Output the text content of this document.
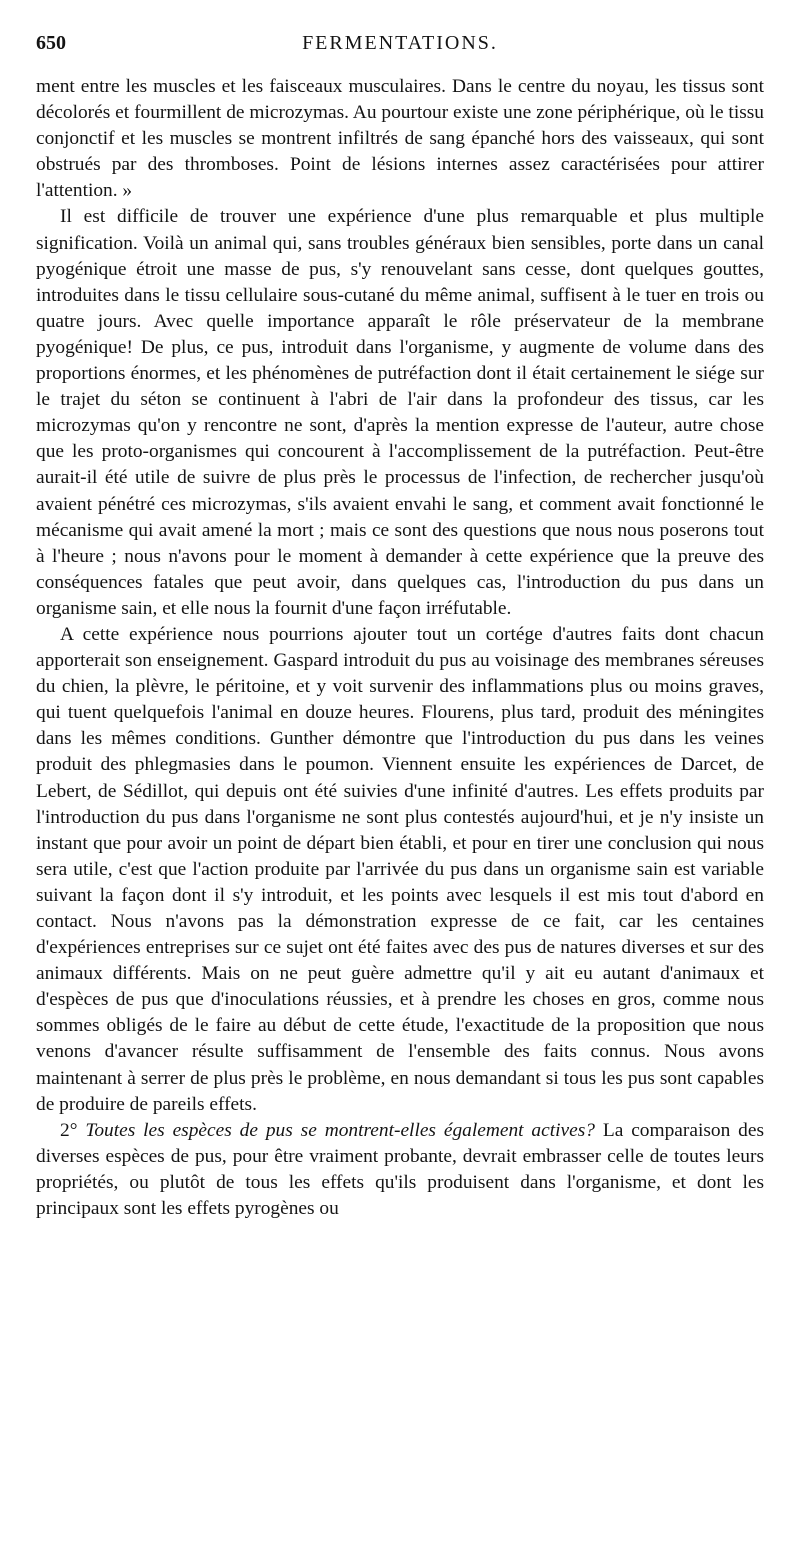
650	FERMENTATIONS.

ment entre les muscles et les faisceaux musculaires. Dans le centre du noyau, les tissus sont décolorés et fourmillent de microzymas. Au pourtour existe une zone périphérique, où le tissu conjonctif et les muscles se montrent infiltrés de sang épanché hors des vaisseaux, qui sont obstrués par des thromboses. Point de lésions internes assez caractérisées pour attirer l'attention. »

Il est difficile de trouver une expérience d'une plus remarquable et plus multiple signification. Voilà un animal qui, sans troubles généraux bien sensibles, porte dans un canal pyogénique étroit une masse de pus, s'y renouvelant sans cesse, dont quelques gouttes, introduites dans le tissu cellulaire sous-cutané du même animal, suffisent à le tuer en trois ou quatre jours. Avec quelle importance apparaît le rôle préservateur de la membrane pyogénique! De plus, ce pus, introduit dans l'organisme, y augmente de volume dans des proportions énormes, et les phénomènes de putréfaction dont il était certainement le siége sur le trajet du séton se continuent à l'abri de l'air dans la profondeur des tissus, car les microzymas qu'on y rencontre ne sont, d'après la mention expresse de l'auteur, autre chose que les proto-organismes qui concourent à l'accomplissement de la putréfaction. Peut-être aurait-il été utile de suivre de plus près le processus de l'infection, de rechercher jusqu'où avaient pénétré ces microzymas, s'ils avaient envahi le sang, et comment avait fonctionné le mécanisme qui avait amené la mort ; mais ce sont des questions que nous nous poserons tout à l'heure ; nous n'avons pour le moment à demander à cette expérience que la preuve des conséquences fatales que peut avoir, dans quelques cas, l'introduction du pus dans un organisme sain, et elle nous la fournit d'une façon irréfutable.

A cette expérience nous pourrions ajouter tout un cortége d'autres faits dont chacun apporterait son enseignement. Gaspard introduit du pus au voisinage des membranes séreuses du chien, la plèvre, le péritoine, et y voit survenir des inflammations plus ou moins graves, qui tuent quelquefois l'animal en douze heures. Flourens, plus tard, produit des méningites dans les mêmes conditions. Gunther démontre que l'introduction du pus dans les veines produit des phlegmasies dans le poumon. Viennent ensuite les expériences de Darcet, de Lebert, de Sédillot, qui depuis ont été suivies d'une infinité d'autres. Les effets produits par l'introduction du pus dans l'organisme ne sont plus contestés aujourd'hui, et je n'y insiste un instant que pour avoir un point de départ bien établi, et pour en tirer une conclusion qui nous sera utile, c'est que l'action produite par l'arrivée du pus dans un organisme sain est variable suivant la façon dont il s'y introduit, et les points avec lesquels il est mis tout d'abord en contact. Nous n'avons pas la démonstration expresse de ce fait, car les centaines d'expériences entreprises sur ce sujet ont été faites avec des pus de natures diverses et sur des animaux différents. Mais on ne peut guère admettre qu'il y ait eu autant d'animaux et d'espèces de pus que d'inoculations réussies, et à prendre les choses en gros, comme nous sommes obligés de le faire au début de cette étude, l'exactitude de la proposition que nous venons d'avancer résulte suffisamment de l'ensemble des faits connus. Nous avons maintenant à serrer de plus près le problème, en nous demandant si tous les pus sont capables de produire de pareils effets.

2° Toutes les espèces de pus se montrent-elles également actives? La comparaison des diverses espèces de pus, pour être vraiment probante, devrait embrasser celle de toutes leurs propriétés, ou plutôt de tous les effets qu'ils produisent dans l'organisme, et dont les principaux sont les effets pyrogènes ou
